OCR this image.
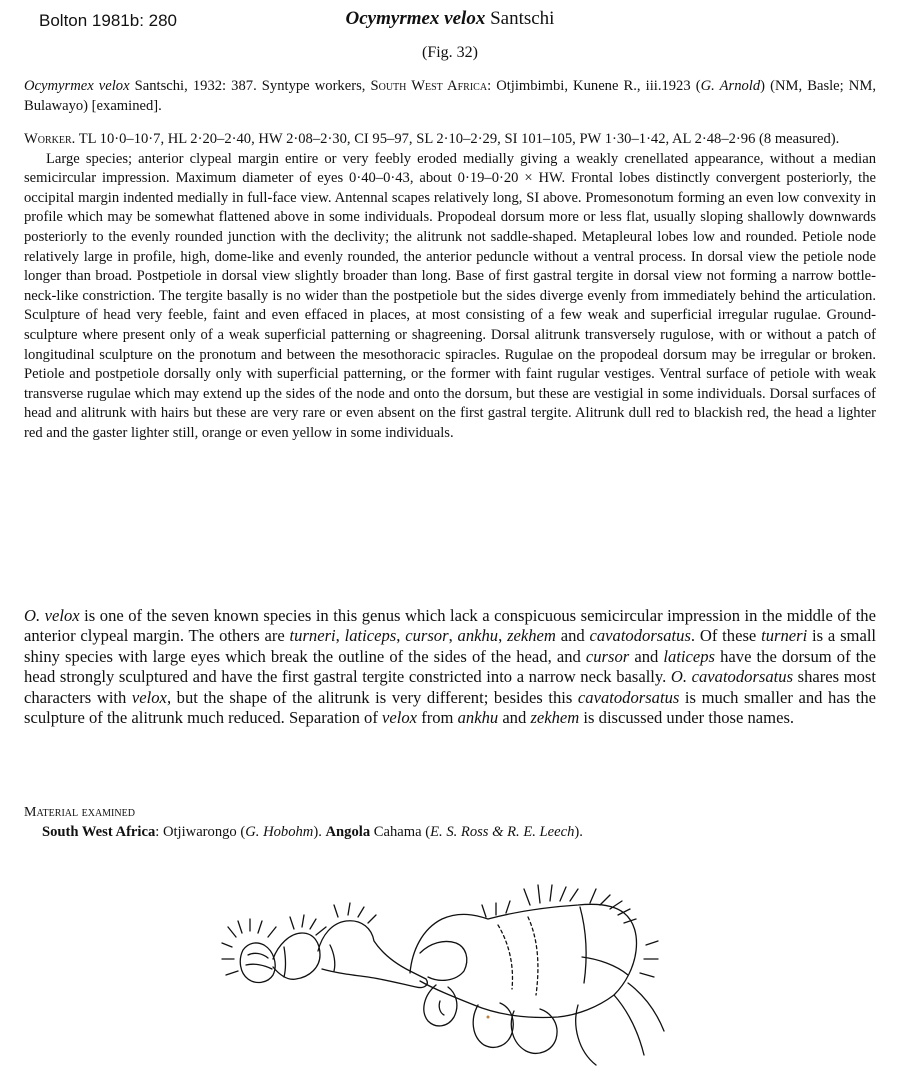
Bolton 1981b: 280	Ocymyrmex velox Santschi
(Fig. 32)

Ocymyrmex velox Santschi, 1932: 387. Syntype workers, South West Africa: Otjimbimbi, Kunene R., iii.1923 (G. Arnold) (NM, Basle; NM, Bulawayo) [examined].

Worker. TL 10·0–10·7, HL 2·20–2·40, HW 2·08–2·30, CI 95–97, SL 2·10–2·29, SI 101–105, PW 1·30–1·42, AL 2·48–2·96 (8 measured).

Large species; anterior clypeal margin entire or very feebly eroded medially giving a weakly crenellated appearance, without a median semicircular impression. Maximum diameter of eyes 0·40–0·43, about 0·19–0·20 × HW. Frontal lobes distinctly convergent posteriorly, the occipital margin indented medially in full-face view. Antennal scapes relatively long, SI above. Promesonotum forming an even low convexity in profile which may be somewhat flattened above in some individuals. Propodeal dorsum more or less flat, usually sloping shallowly downwards posteriorly to the evenly rounded junction with the declivity; the alitrunk not saddle-shaped. Metapleural lobes low and rounded. Petiole node relatively large in profile, high, dome-like and evenly rounded, the anterior peduncle without a ventral process. In dorsal view the petiole node longer than broad. Postpetiole in dorsal view slightly broader than long. Base of first gastral tergite in dorsal view not forming a narrow bottle-neck-like constriction. The tergite basally is no wider than the postpetiole but the sides diverge evenly from immediately behind the articulation. Sculpture of head very feeble, faint and even effaced in places, at most consisting of a few weak and superficial irregular rugulae. Ground-sculpture where present only of a weak superficial patterning or shagreening. Dorsal alitrunk transversely rugulose, with or without a patch of longitudinal sculpture on the pronotum and between the mesothoracic spiracles. Rugulae on the propodeal dorsum may be irregular or broken. Petiole and postpetiole dorsally only with superficial patterning, or the former with faint rugular vestiges. Ventral surface of petiole with weak transverse rugulae which may extend up the sides of the node and onto the dorsum, but these are vestigial in some individuals. Dorsal surfaces of head and alitrunk with hairs but these are very rare or even absent on the first gastral tergite. Alitrunk dull red to blackish red, the head a lighter red and the gaster lighter still, orange or even yellow in some individuals.

O. velox is one of the seven known species in this genus which lack a conspicuous semicircular impression in the middle of the anterior clypeal margin. The others are turneri, laticeps, cursor, ankhu, zekhem and cavatodorsatus. Of these turneri is a small shiny species with large eyes which break the outline of the sides of the head, and cursor and laticeps have the dorsum of the head strongly sculptured and have the first gastral tergite constricted into a narrow neck basally. O. cavatodorsatus shares most characters with velox, but the shape of the alitrunk is very different; besides this cavatodorsatus is much smaller and has the sculpture of the alitrunk much reduced. Separation of velox from ankhu and zekhem is discussed under those names.

Material examined

South West Africa: Otjiwarongo (G. Hobohm). Angola Cahama (E. S. Ross & R. E. Leech).
